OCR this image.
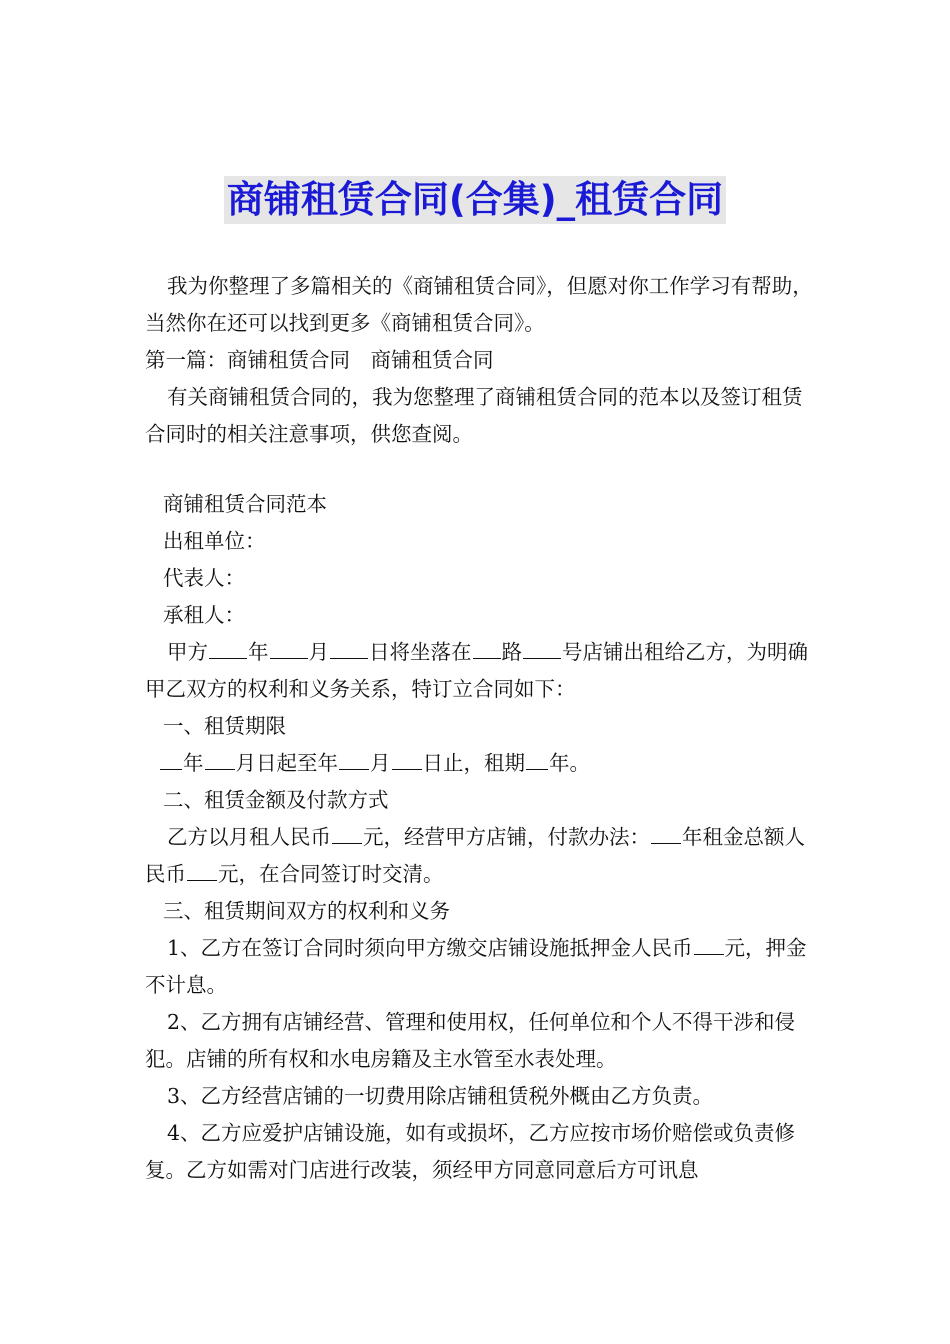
商铺租赁合同(合集)_租赁合同

我为你整理了多篇相关的《商铺租赁合同》，但愿对你工作学习有帮助，当然你在还可以找到更多《商铺租赁合同》。

第一篇：商铺租赁合同　商铺租赁合同

有关商铺租赁合同的，我为您整理了商铺租赁合同的范本以及签订租赁合同时的相关注意事项，供您查阅。

商铺租赁合同范本

出租单位：

代表人：

承租人：

甲方 年 月 日将坐落在 路 号店铺出租给乙方，为明确甲乙双方的权利和义务关系，特订立合同如下：

一、租赁期限

年 月日起至年 月 日止，租期 年。

二、租赁金额及付款方式

乙方以月租人民币 元，经营甲方店铺，付款办法： 年租金总额人民币 元，在合同签订时交清。

三、租赁期间双方的权利和义务

1、乙方在签订合同时须向甲方缴交店铺设施抵押金人民币 元，押金不计息。

2、乙方拥有店铺经营、管理和使用权，任何单位和个人不得干涉和侵犯。店铺的所有权和水电房籍及主水管至水表处理。

3、乙方经营店铺的一切费用除店铺租赁税外概由乙方负责。

4、乙方应爱护店铺设施，如有或损坏，乙方应按市场价赔偿或负责修复。乙方如需对门店进行改装，须经甲方同意同意后方可讯息
